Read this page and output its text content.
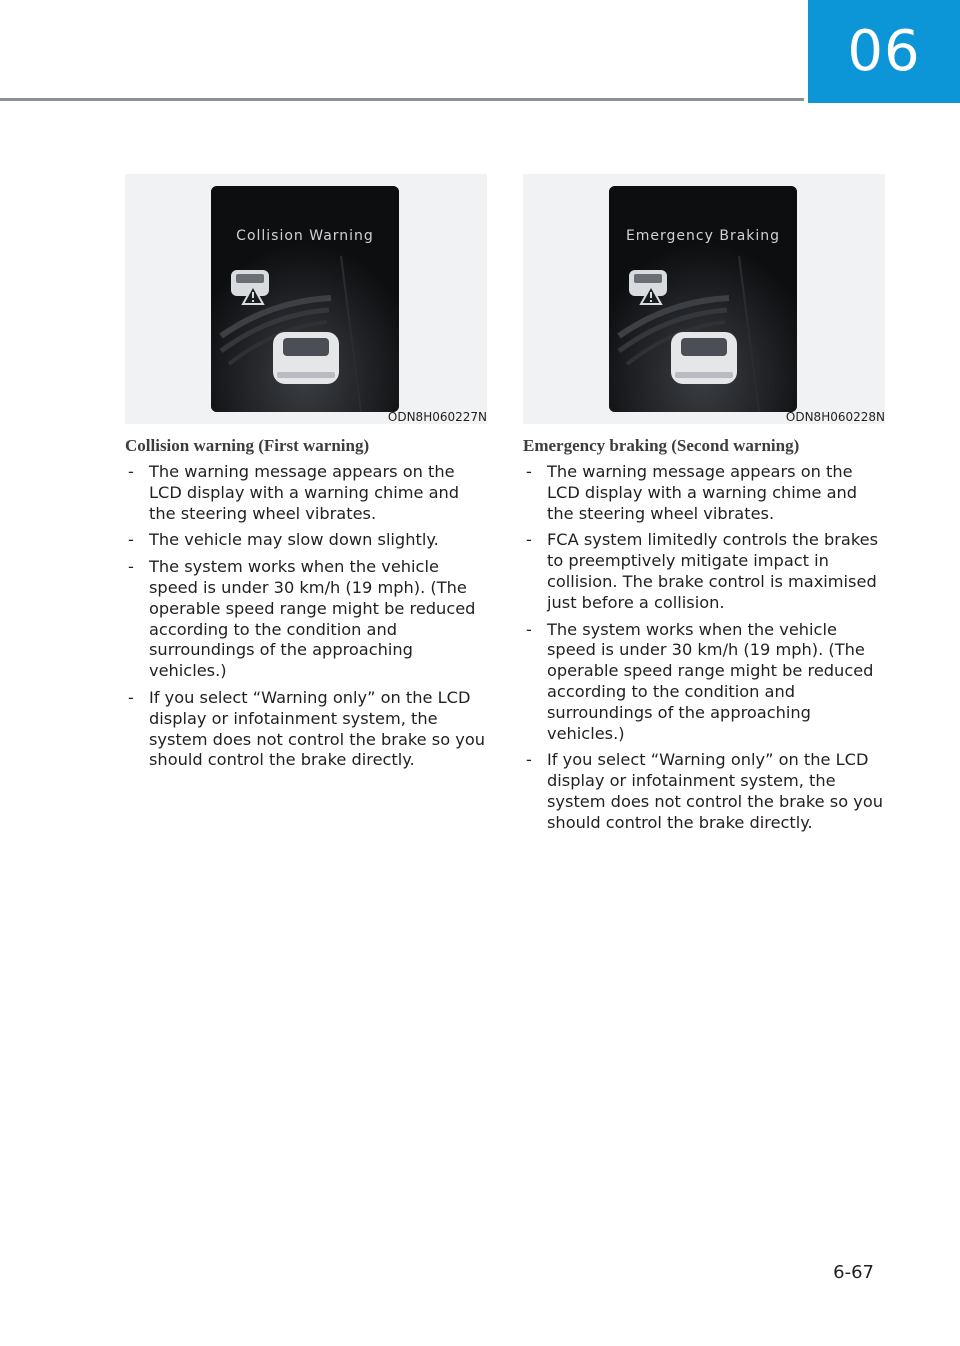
06
Collision Warning
ODN8H060227N
Collision warning (First warning)
- The warning message appears on the LCD display with a warning chime and the steering wheel vibrates.
- The vehicle may slow down slightly.
- The system works when the vehicle speed is under 30 km/h (19 mph). (The operable speed range might be reduced according to the condition and surroundings of the approaching vehicles.)
- If you select “Warning only” on the LCD display or infotainment system, the system does not control the brake so you should control the brake directly.
Emergency Braking
ODN8H060228N
Emergency braking (Second warning)
- The warning message appears on the LCD display with a warning chime and the steering wheel vibrates.
- FCA system limitedly controls the brakes to preemptively mitigate impact in collision. The brake control is maximised just before a collision.
- The system works when the vehicle speed is under 30 km/h (19 mph). (The operable speed range might be reduced according to the condition and surroundings of the approaching vehicles.)
- If you select “Warning only” on the LCD display or infotainment system, the system does not control the brake so you should control the brake directly.
6-67
